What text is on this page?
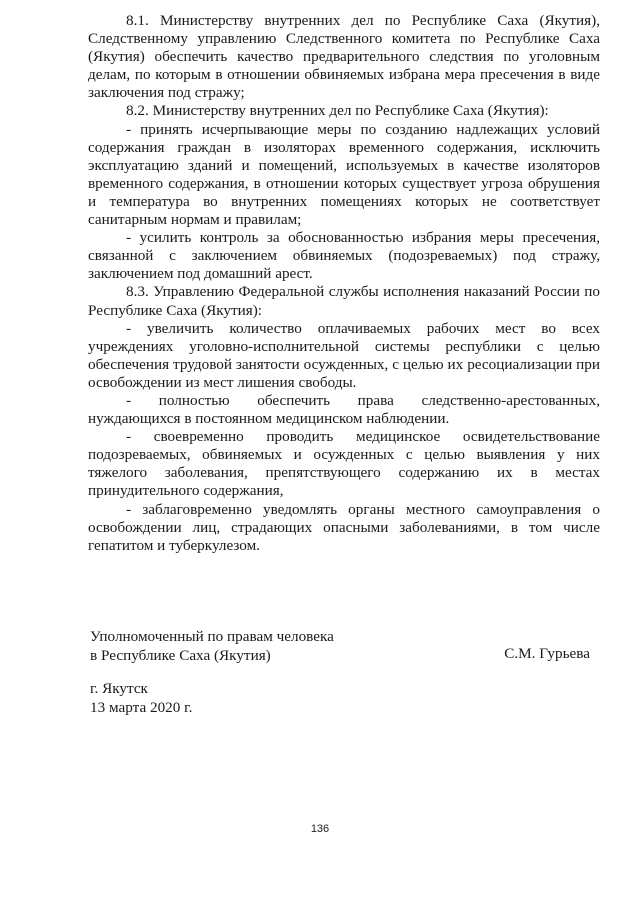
8.1. Министерству внутренних дел по Республике Саха (Якутия), Следственному управлению Следственного комитета по Республике Саха (Якутия) обеспечить качество предварительного следствия по уголовным делам, по которым в отношении обвиняемых избрана мера пресечения в виде заключения под стражу;

8.2. Министерству внутренних дел по Республике Саха (Якутия):

- принять исчерпывающие меры по созданию надлежащих условий содержания граждан в изоляторах временного содержания, исключить эксплуатацию зданий и помещений, используемых в качестве изоляторов временного содержания, в отношении которых существует угроза обрушения и температура во внутренних помещениях которых не соответствует санитарным нормам и правилам;

- усилить контроль за обоснованностью избрания меры пресечения, связанной с заключением обвиняемых (подозреваемых) под стражу, заключением под домашний арест.

8.3. Управлению Федеральной службы исполнения наказаний России по Республике Саха (Якутия):

- увеличить количество оплачиваемых рабочих мест во всех учреждениях уголовно-исполнительной системы республики с целью обеспечения трудовой занятости осужденных, с целью их ресоциализации при освобождении из мест лишения свободы.

- полностью обеспечить права следственно-арестованных, нуждающихся в постоянном медицинском наблюдении.

- своевременно проводить медицинское освидетельствование подозреваемых, обвиняемых и осужденных с целью выявления у них тяжелого заболевания, препятствующего содержанию их в местах принудительного содержания,

- заблаговременно уведомлять органы местного самоуправления о освобождении лиц, страдающих опасными заболеваниями, в том числе гепатитом и туберкулезом.

Уполномоченный по правам человека
в Республике Саха (Якутия)	С.М. Гурьева
г. Якутск
13 марта 2020 г.
136
